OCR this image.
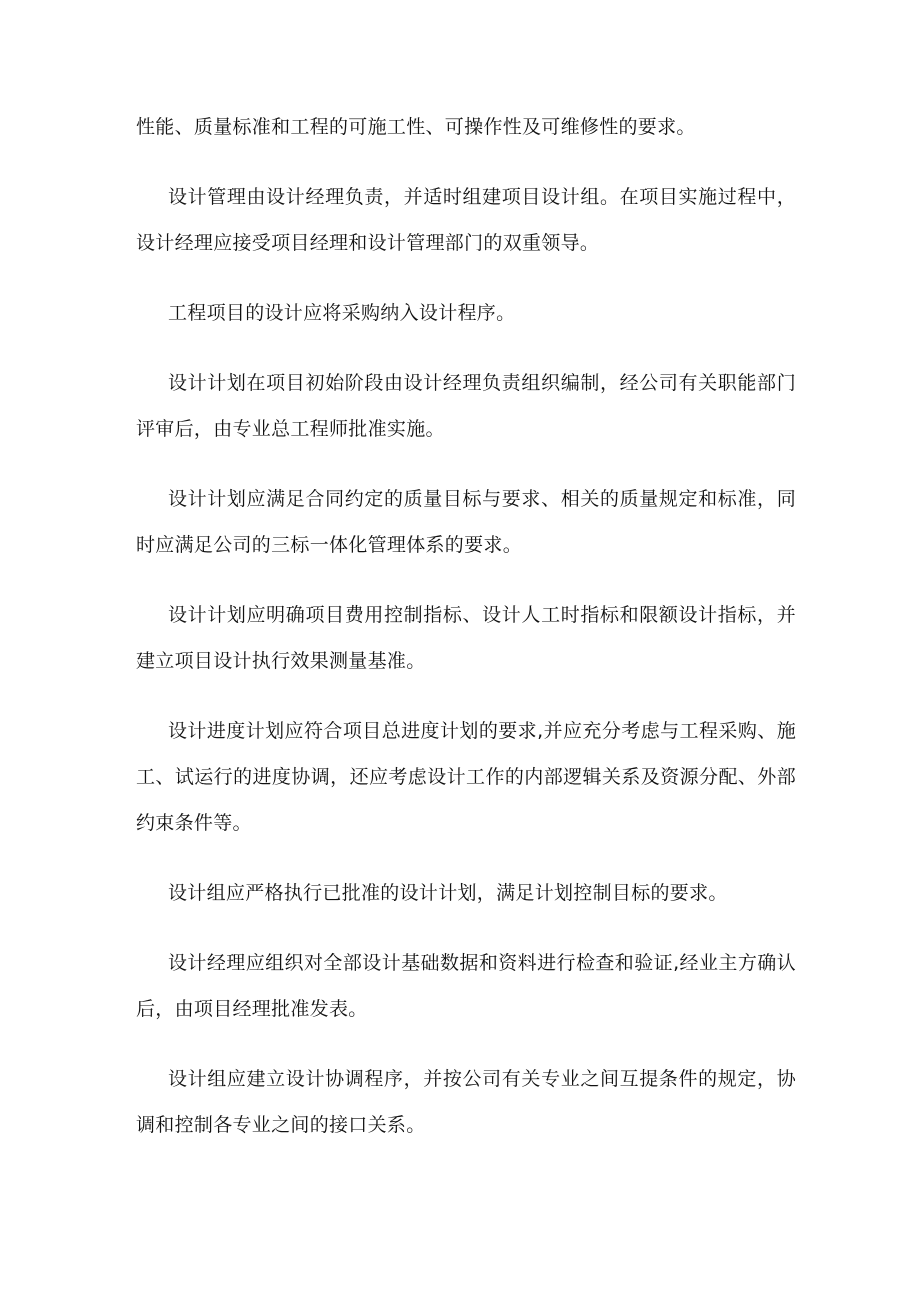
性能、质量标准和工程的可施工性、可操作性及可维修性的要求。

设计管理由设计经理负责，并适时组建项目设计组。在项目实施过程中，设计经理应接受项目经理和设计管理部门的双重领导。

工程项目的设计应将采购纳入设计程序。

设计计划在项目初始阶段由设计经理负责组织编制，经公司有关职能部门评审后，由专业总工程师批准实施。

设计计划应满足合同约定的质量目标与要求、相关的质量规定和标准，同时应满足公司的三标一体化管理体系的要求。

设计计划应明确项目费用控制指标、设计人工时指标和限额设计指标，并建立项目设计执行效果测量基准。

设计进度计划应符合项目总进度计划的要求,并应充分考虑与工程采购、施工、试运行的进度协调，还应考虑设计工作的内部逻辑关系及资源分配、外部约束条件等。

设计组应严格执行已批准的设计计划，满足计划控制目标的要求。

设计经理应组织对全部设计基础数据和资料进行检查和验证,经业主方确认后，由项目经理批准发表。

设计组应建立设计协调程序，并按公司有关专业之间互提条件的规定，协调和控制各专业之间的接口关系。
